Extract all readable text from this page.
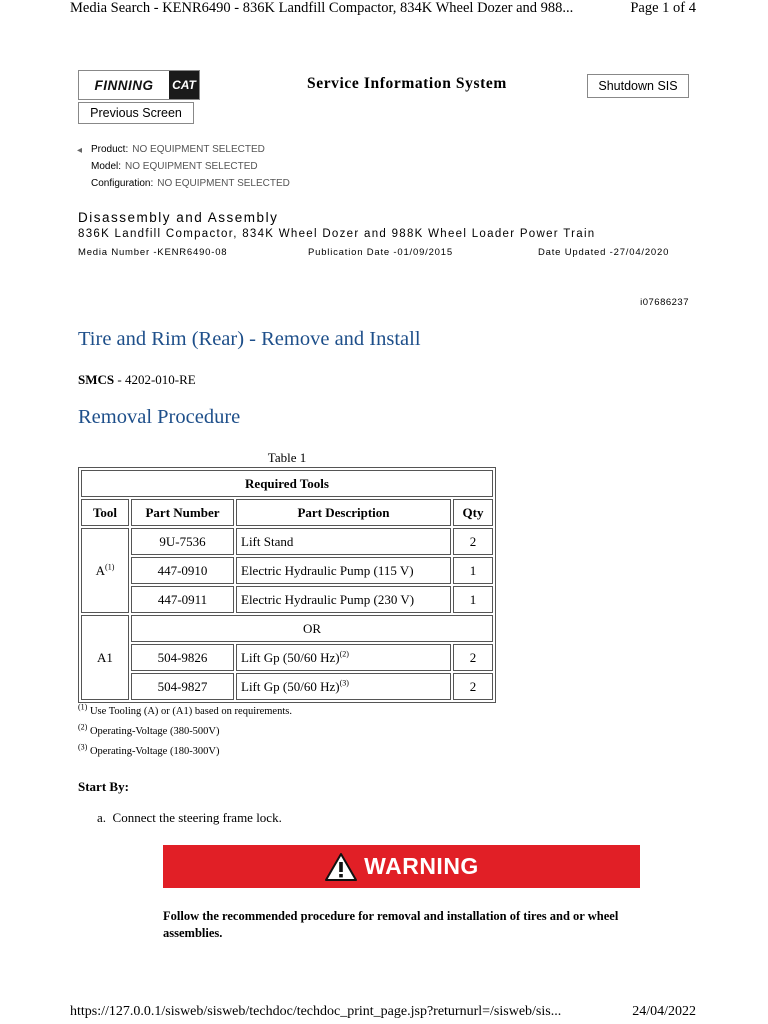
Media Search - KENR6490 - 836K Landfill Compactor, 834K Wheel Dozer and 988...	Page 1 of 4
FINNING	CAT	Service Information System	Shutdown SIS
Previous Screen
◂ Product: NO EQUIPMENT SELECTED
Model: NO EQUIPMENT SELECTED
Configuration: NO EQUIPMENT SELECTED
Disassembly and Assembly
836K Landfill Compactor, 834K Wheel Dozer and 988K Wheel Loader Power Train
Media Number -KENR6490-08	Publication Date -01/09/2015	Date Updated -27/04/2020
i07686237
Tire and Rim (Rear) - Remove and Install
SMCS - 4202-010-RE
Removal Procedure
Table 1
Required Tools			
Tool	Part Number	Part Description	Qty
$A^{(1)}$	9U-7536	Lift Stand	2
	447-0910	Electric Hydraulic Pump (115 V)	1
	447-0911	Electric Hydraulic Pump (230 V)	1
A1	OR		
	504-9826	Lift Gp (50/60 Hz)$^{(2)}$	2
	504-9827	Lift Gp (50/60 Hz)$^{(3)}$	2
$^{(1)}$ Use Tooling (A) or (A1) based on requirements.
$^{(2)}$ Operating-Voltage (380-500V)
$^{(3)}$ Operating-Voltage (180-300V)
Start By:
a. Connect the steering frame lock.
WARNING
Follow the recommended procedure for removal and installation of tires and or wheel assemblies.
https://127.0.0.1/sisweb/sisweb/techdoc/techdoc_print_page.jsp?returnurl=/sisweb/sis...	24/04/2022
